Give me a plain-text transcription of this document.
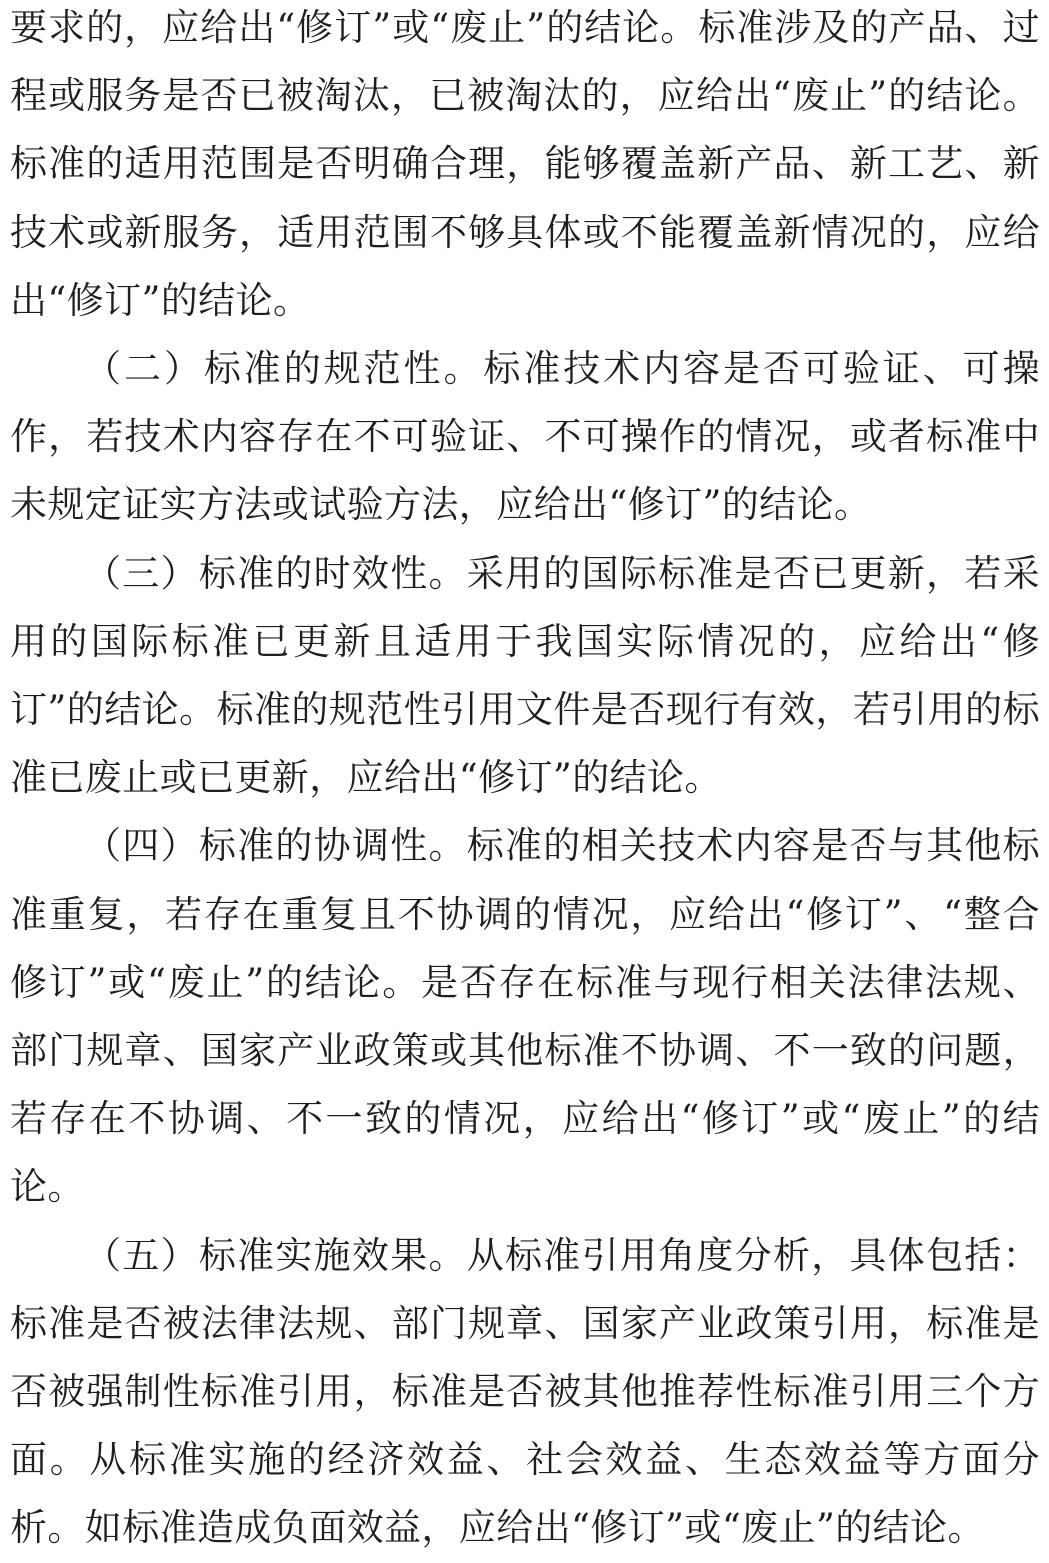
要求的，应给出“修订”或“废止”的结论。标准涉及的产品、过程或服务是否已被淘汰，已被淘汰的，应给出“废止”的结论。标准的适用范围是否明确合理，能够覆盖新产品、新工艺、新技术或新服务，适用范围不够具体或不能覆盖新情况的，应给出“修订”的结论。

（二）标准的规范性。标准技术内容是否可验证、可操作，若技术内容存在不可验证、不可操作的情况，或者标准中未规定证实方法或试验方法，应给出“修订”的结论。

（三）标准的时效性。采用的国际标准是否已更新，若采用的国际标准已更新且适用于我国实际情况的，应给出“修订”的结论。标准的规范性引用文件是否现行有效，若引用的标准已废止或已更新，应给出“修订”的结论。

（四）标准的协调性。标准的相关技术内容是否与其他标准重复，若存在重复且不协调的情况，应给出“修订”、“整合修订”或“废止”的结论。是否存在标准与现行相关法律法规、部门规章、国家产业政策或其他标准不协调、不一致的问题，若存在不协调、不一致的情况，应给出“修订”或“废止”的结论。

（五）标准实施效果。从标准引用角度分析，具体包括：标准是否被法律法规、部门规章、国家产业政策引用，标准是否被强制性标准引用，标准是否被其他推荐性标准引用三个方面。从标准实施的经济效益、社会效益、生态效益等方面分析。如标准造成负面效益，应给出“修订”或“废止”的结论。
